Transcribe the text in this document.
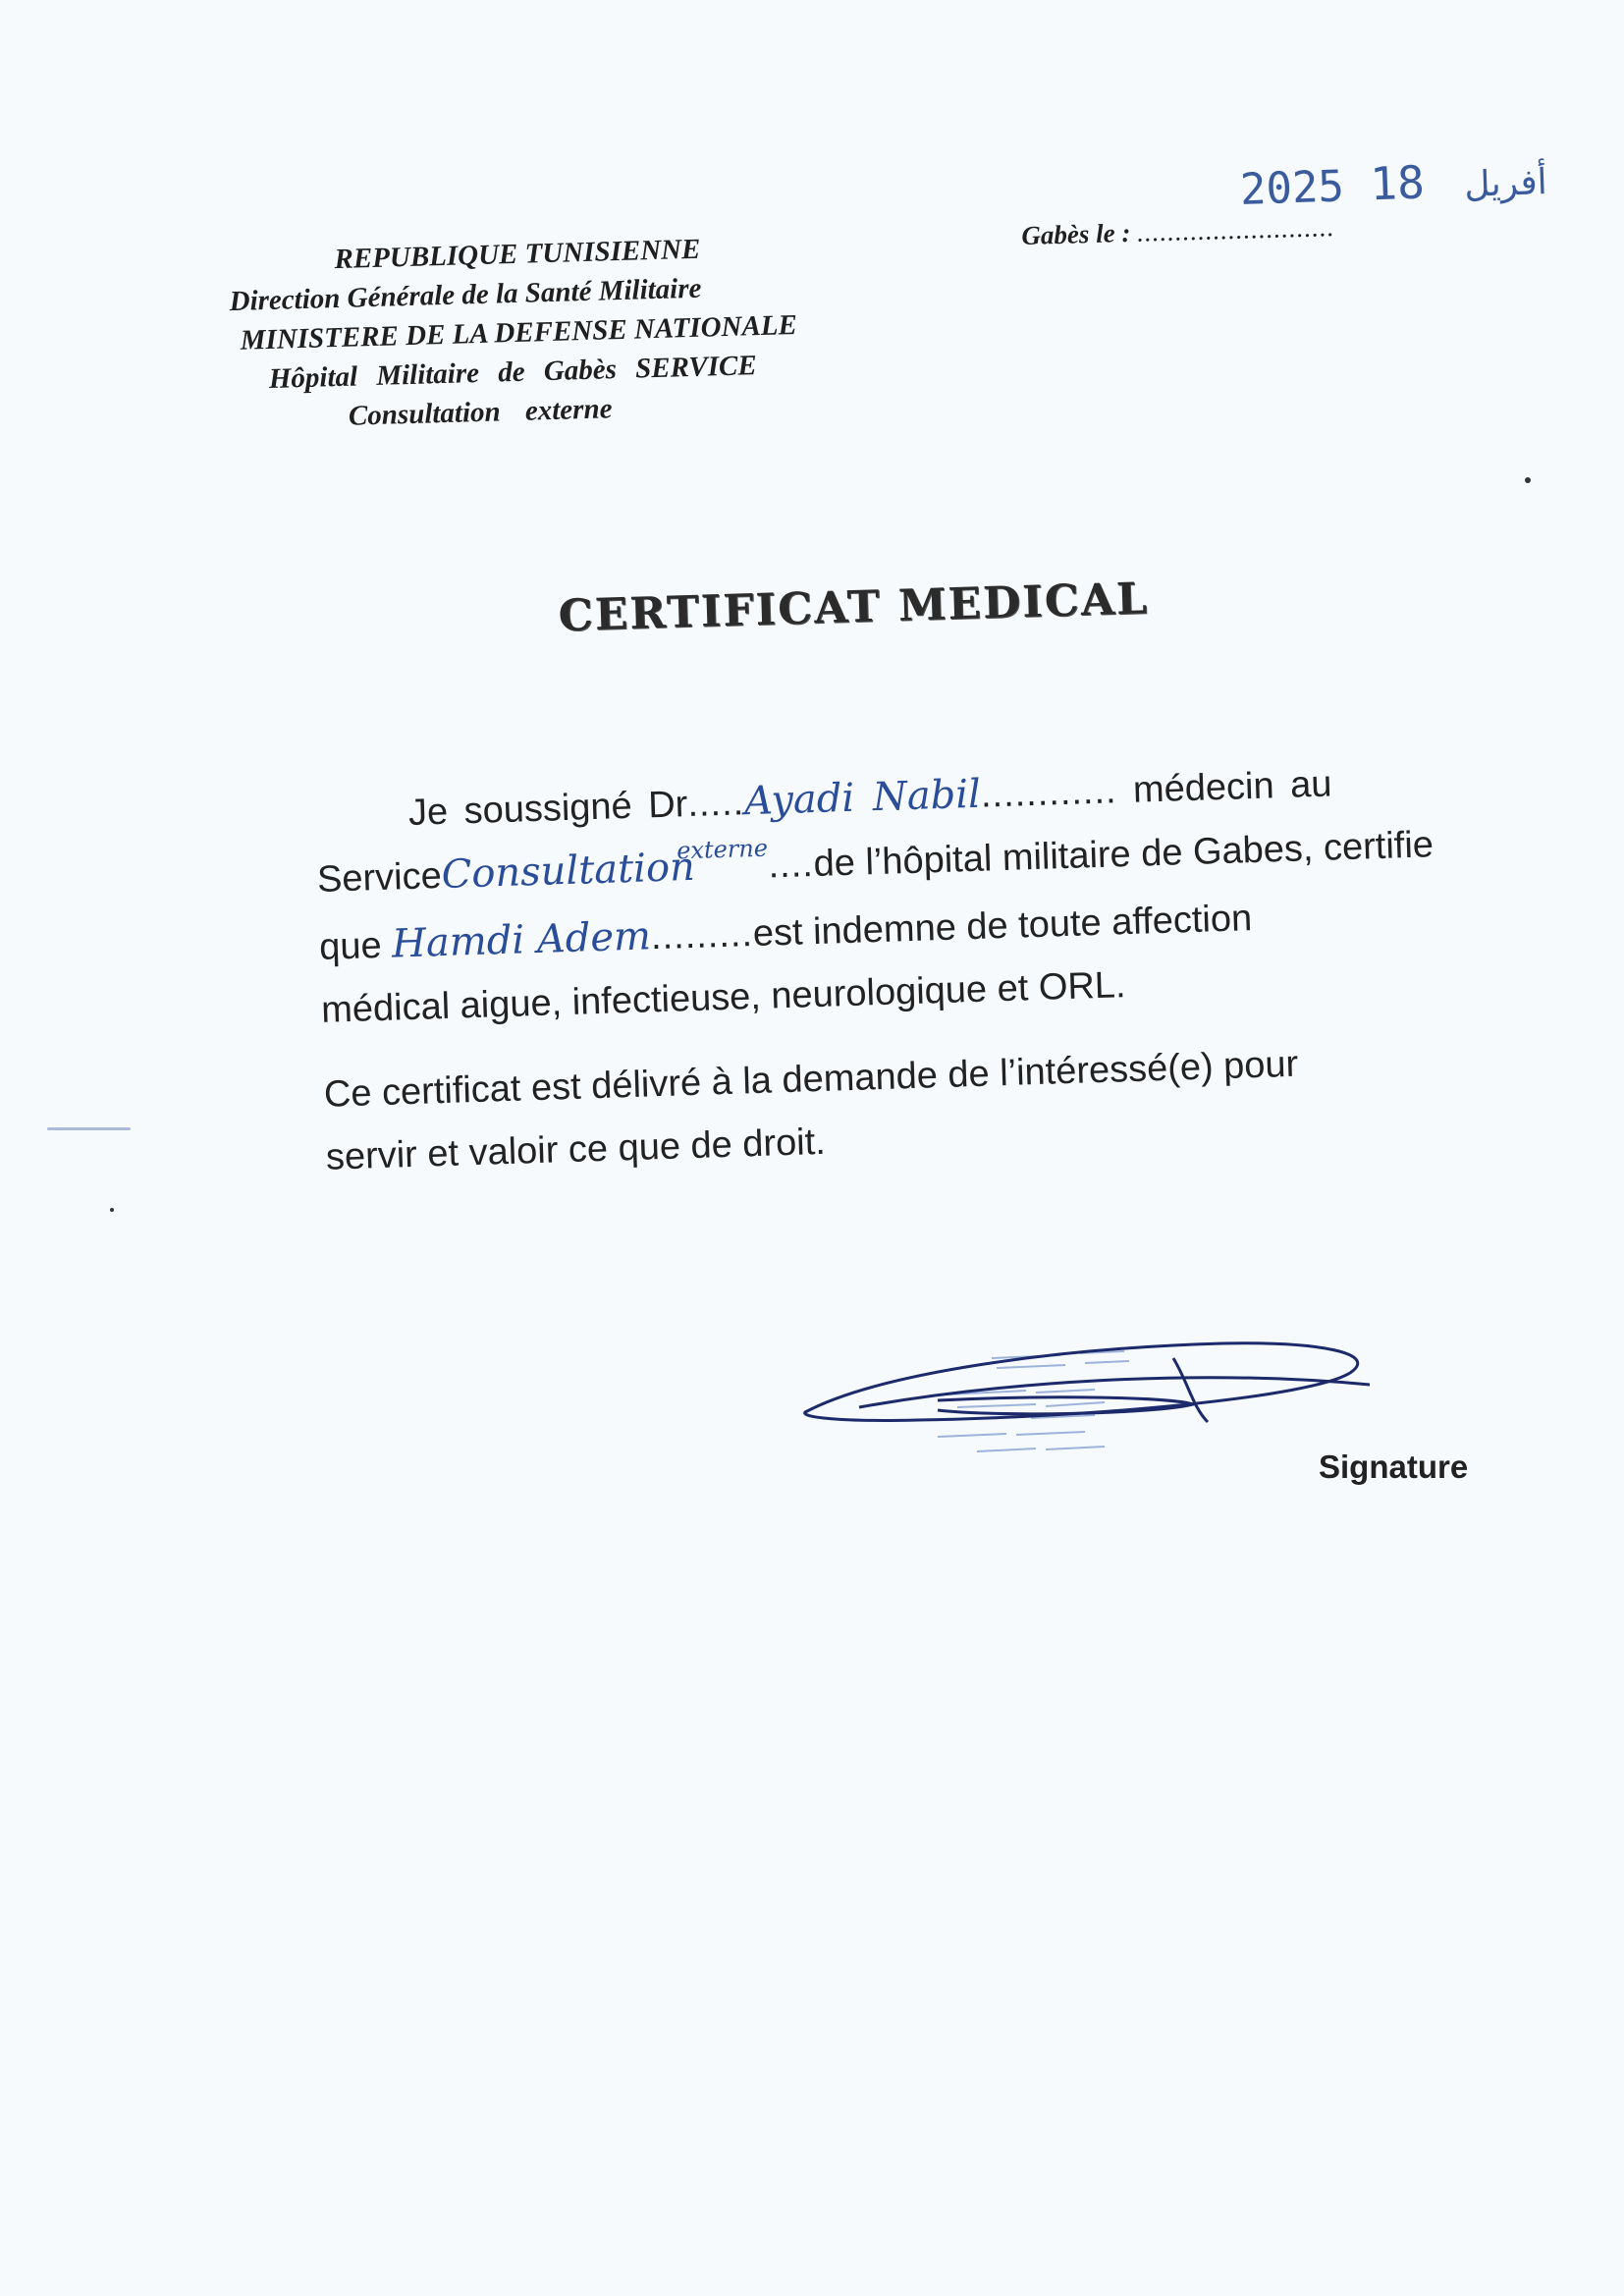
REPUBLIQUE TUNISIENNE
Direction Générale de la Santé Militaire
MINISTERE DE LA DEFENSE NATIONALE
Hôpital Militaire de Gabès SERVICE
Consultation externe
Gabès le : ..........................
2025	أفريل 18
CERTIFICAT MEDICAL
Je soussigné Dr.....Ayadi Nabil............ médecin au
ServiceConsultation$^{externe}$....de l’hôpital militaire de Gabes, certifie
que Hamdi Adem.........est indemne de toute affection
médical aigue, infectieuse, neurologique et ORL.
Ce certificat est délivré à la demande de l’intéressé(e) pour
servir et valoir ce que de droit.
Signature
